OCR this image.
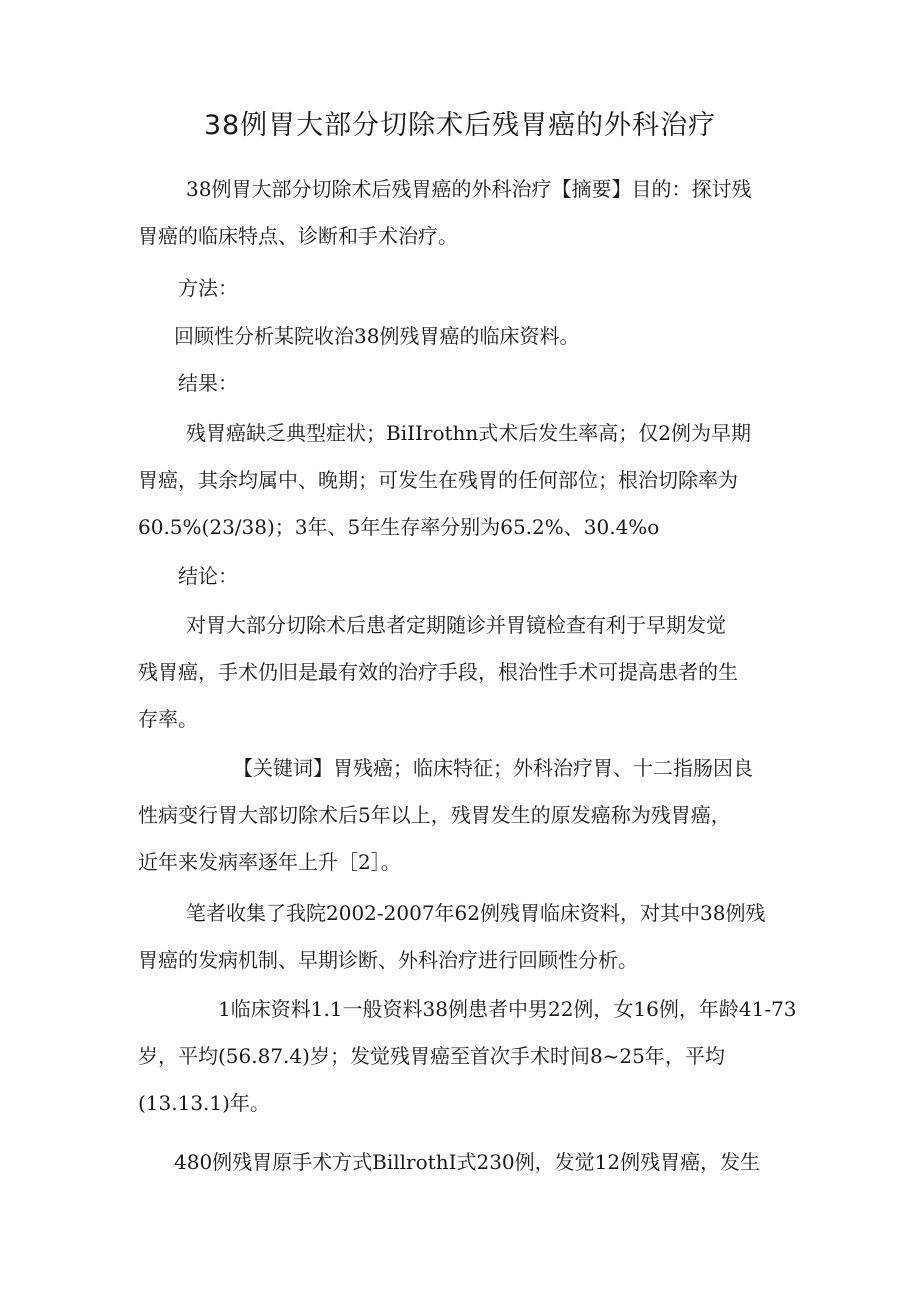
38例胃大部分切除术后残胃癌的外科治疗

38例胃大部分切除术后残胃癌的外科治疗【摘要】目的：探讨残
胃癌的临床特点、诊断和手术治疗。

方法：

回顾性分析某院收治38例残胃癌的临床资料。

结果：

残胃癌缺乏典型症状；BiIIrothn式术后发生率高；仅2例为早期
胃癌，其余均属中、晚期；可发生在残胃的任何部位；根治切除率为
60.5%(23/38)；3年、5年生存率分别为65.2%、30.4%o

结论：

对胃大部分切除术后患者定期随诊并胃镜检查有利于早期发觉
残胃癌，手术仍旧是最有效的治疗手段，根治性手术可提高患者的生
存率。

【关键词】胃残癌；临床特征；外科治疗胃、十二指肠因良
性病变行胃大部切除术后5年以上，残胃发生的原发癌称为残胃癌，
近年来发病率逐年上升［2］。

笔者收集了我院2002-2007年62例残胃临床资料，对其中38例残
胃癌的发病机制、早期诊断、外科治疗进行回顾性分析。

1临床资料1.1一般资料38例患者中男22例，女16例，年龄41-73
岁，平均(56.87.4)岁；发觉残胃癌至首次手术时间8~25年，平均
(13.13.1)年。

480例残胃原手术方式BillrothI式230例，发觉12例残胃癌，发生
